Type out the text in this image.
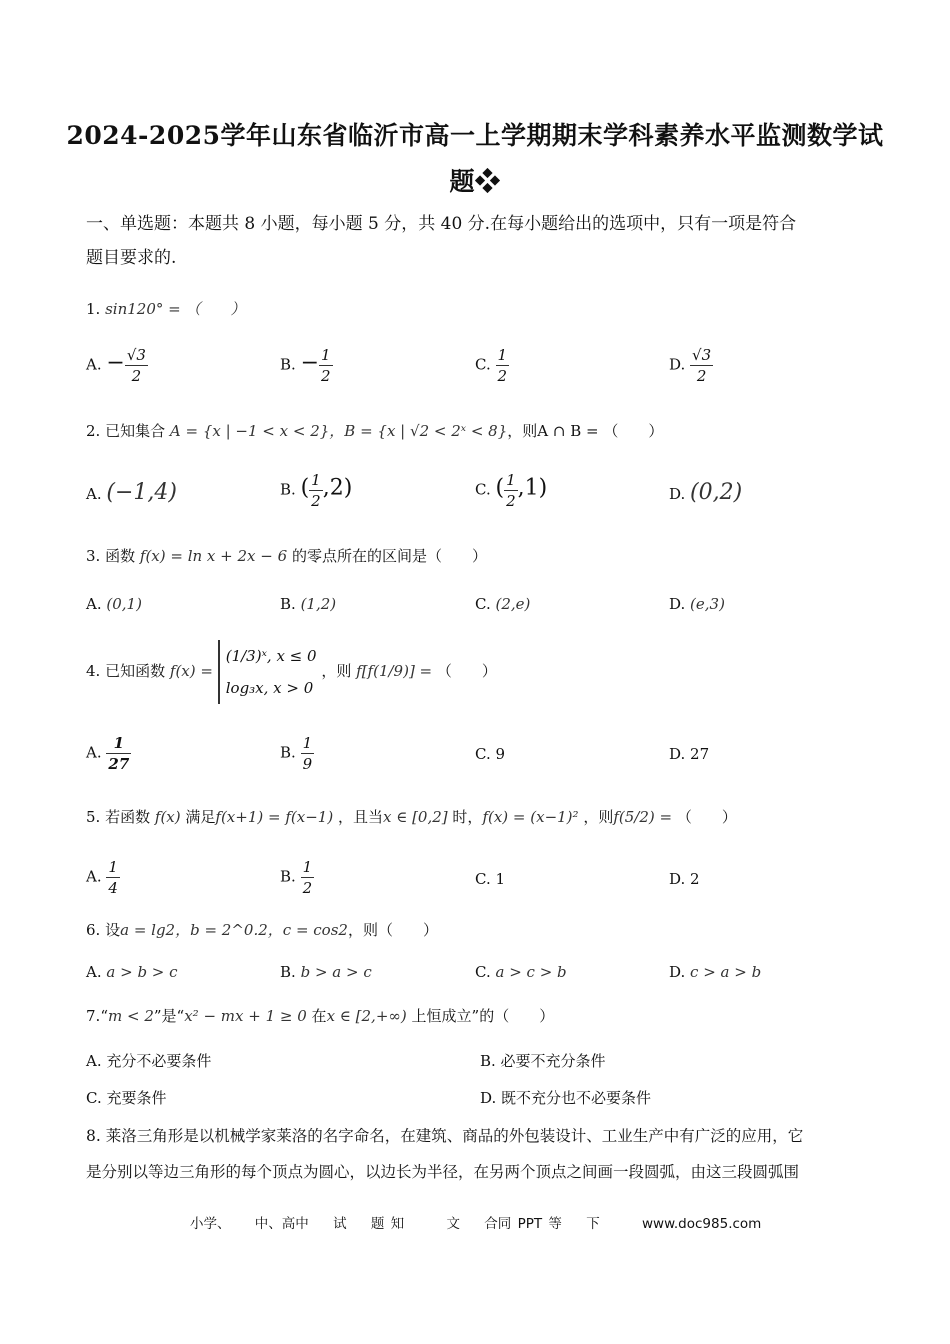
2024-2025学年山东省临沂市高一上学期期末学科素养水平监测数学试
题❖
一、单选题：本题共 8 小题，每小题 5 分，共 40 分.在每小题给出的选项中，只有一项是符合
题目要求的.
1. sin120° = （　　）
A. − $\frac{√3}{2}$	B. − $\frac{1}{2}$	C. $\frac{1}{2}$	D. $\frac{√3}{2}$
2. 已知集合 A = {x | −1 < x < 2}，B = {x | √2 < 2ˣ < 8}，则A ∩ B = （　　）
A. (−1,4)	B. ( $\frac{1}{2} ,2$)	C. ( $\frac{1}{2} ,1$)	D. (0,2)
3. 函数 f(x) = ln x + 2x − 6 的零点所在的区间是（　　）
A. (0,1)	B. (1,2)	C. (2,e)	D. (e,3)
4. 已知函数 f(x) =
(1/3)ˣ, x ≤ 0
log₃x, x > 0
，则 f[f(1/9)] = （　　）
A. $\frac{1}{27}$	B. $\frac{1}{9}$	C. 9	D. 27
5. 若函数 f(x) 满足f(x+1) = f(x−1) ，且当x ∈ [0,2] 时，f(x) = (x−1)² ，则f(5/2) = （　　）
A. $\frac{1}{4}$	B. $\frac{1}{2}$	C. 1	D. 2
6. 设a = lg2，b = 2^0.2，c = cos2，则（　　）
A. a > b > c	B. b > a > c	C. a > c > b	D. c > a > b
7.“m < 2”是“x² − mx + 1 ≥ 0 在x ∈ [2,+∞) 上恒成立”的（　　）
A. 充分不必要条件	B. 必要不充分条件
C. 充要条件	D. 既不充分也不必要条件
8. 莱洛三角形是以机械学家莱洛的名字命名，在建筑、商品的外包装设计、工业生产中有广泛的应用，它
是分别以等边三角形的每个顶点为圆心，以边长为半径，在另两个顶点之间画一段圆弧，由这三段圆弧围
小学、 中、高中 试 题 知	文 合同 PPT 等 下	www.doc985.com
